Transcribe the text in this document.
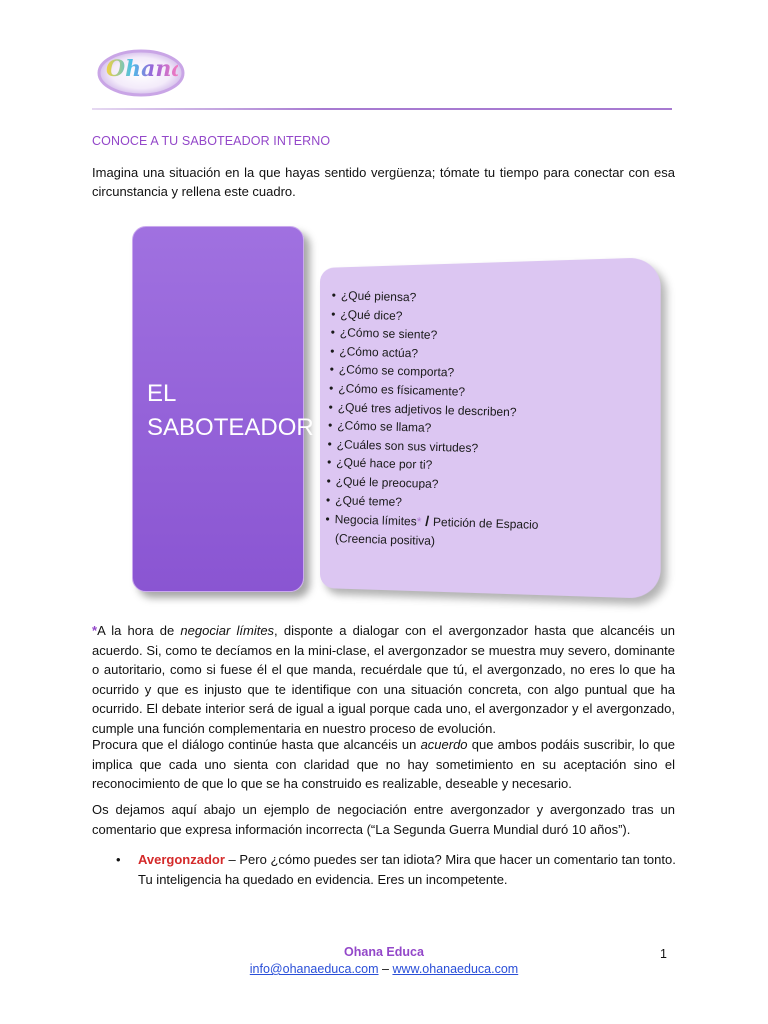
Ohana
CONOCE A TU SABOTEADOR INTERNO
Imagina una situación en la que hayas sentido vergüenza; tómate tu tiempo para conectar con esa circunstancia y rellena este cuadro.
EL SABOTEADOR
• ¿Qué piensa?
• ¿Qué dice?
• ¿Cómo se siente?
• ¿Cómo actúa?
• ¿Cómo se comporta?
• ¿Cómo es físicamente?
• ¿Qué tres adjetivos le describen?
• ¿Cómo se llama?
• ¿Cuáles son sus virtudes?
• ¿Qué hace por ti?
• ¿Qué le preocupa?
• ¿Qué teme?
• Negocia límites* / Petición de Espacio
(Creencia positiva)
*A la hora de negociar límites, disponte a dialogar con el avergonzador hasta que alcancéis un acuerdo. Si, como te decíamos en la mini-clase, el avergonzador se muestra muy severo, dominante o autoritario, como si fuese él el que manda, recuérdale que tú, el avergonzado, no eres lo que ha ocurrido y que es injusto que te identifique con una situación concreta, con algo puntual que ha ocurrido. El debate interior será de igual a igual porque cada uno, el avergonzador y el avergonzado, cumple una función complementaria en nuestro proceso de evolución.
Procura que el diálogo continúe hasta que alcancéis un acuerdo que ambos podáis suscribir, lo que implica que cada uno sienta con claridad que no hay sometimiento en su aceptación sino el reconocimiento de que lo que se ha construido es realizable, deseable y necesario.
Os dejamos aquí abajo un ejemplo de negociación entre avergonzador y avergonzado tras un comentario que expresa información incorrecta (“La Segunda Guerra Mundial duró 10 años”).
• Avergonzador – Pero ¿cómo puedes ser tan idiota? Mira que hacer un comentario tan tonto. Tu inteligencia ha quedado en evidencia. Eres un incompetente.
Ohana Educa
info@ohanaeduca.com – www.ohanaeduca.com
1
